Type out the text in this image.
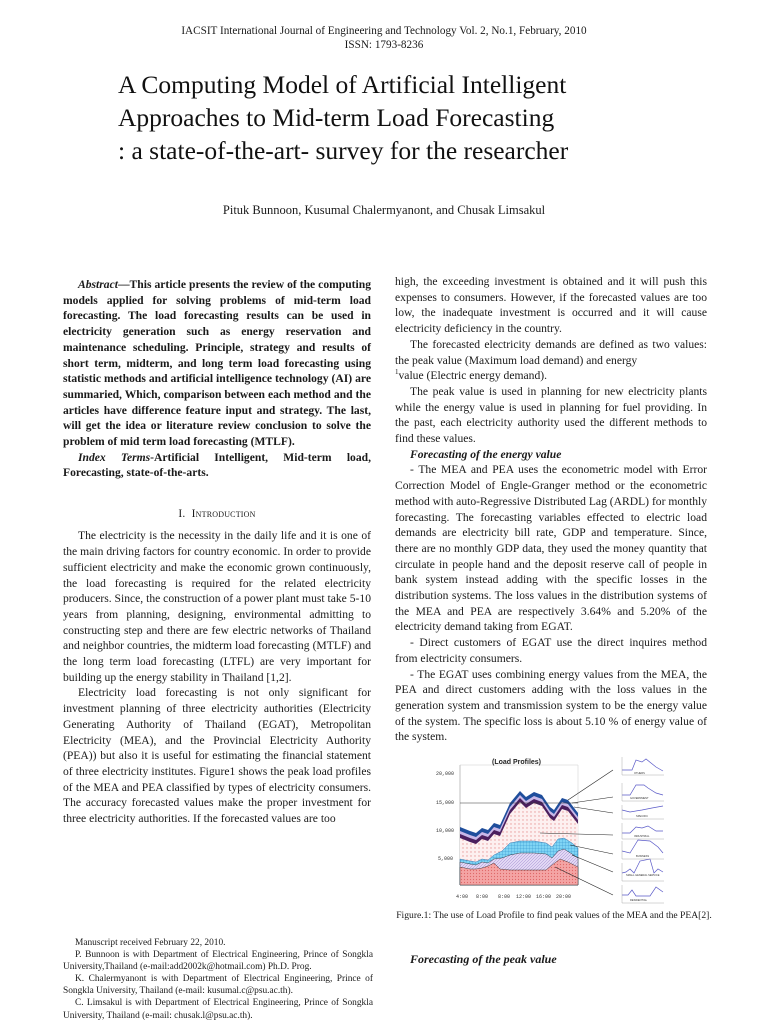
IACSIT International Journal of Engineering and Technology Vol. 2, No.1, February, 2010
ISSN: 1793-8236
A Computing Model of Artificial Intelligent
Approaches to Mid-term Load Forecasting
: a state-of-the-art- survey for the researcher
Pituk Bunnoon, Kusumal Chalermyanont, and Chusak Limsakul

Abstract—This article presents the review of the computing models applied for solving problems of mid-term load forecasting. The load forecasting results can be used in electricity generation such as energy reservation and maintenance scheduling. Principle, strategy and results of short term, midterm, and long term load forecasting using statistic methods and artificial intelligence technology (AI) are summaried, Which, comparison between each method and the articles have difference feature input and strategy. The last, will get the idea or literature review conclusion to solve the problem of mid term load forecasting (MTLF).

Index Terms-Artificial Intelligent, Mid-term load, Forecasting, state-of-the-arts.

I. Introduction

The electricity is the necessity in the daily life and it is one of the main driving factors for country economic. In order to provide sufficient electricity and make the economic grown continuously, the load forecasting is required for the related electricity producers. Since, the construction of a power plant must take 5-10 years from planning, designing, environmental admitting to constructing step and there are few electric networks of Thailand and neighbor countries, the midterm load forecasting (MTLF) and the long term load forecasting (LTFL) are very important for building up the energy stability in Thailand [1,2].

Electricity load forecasting is not only significant for investment planning of three electricity authorities (Electricity Generating Authority of Thailand (EGAT), Metropolitan Electricity (MEA), and the Provincial Electricity Authority (PEA)) but also it is useful for estimating the financial statement of three electricity institutes. Figure1 shows the peak load profiles of the MEA and PEA classified by types of electricity consumers. The accuracy forecasted values make the proper investment for three electricity authorities. If the forecasted values are too

high, the exceeding investment is obtained and it will push this expenses to consumers. However, if the forecasted values are too low, the inadequate investment is occurred and it will cause electricity deficiency in the country.

The forecasted electricity demands are defined as two values: the peak value (Maximum load demand) and energy
$^1$value (Electric energy demand).

The peak value is used in planning for new electricity plants while the energy value is used in planning for fuel providing. In the past, each electricity authority used the different methods to find these values.

Forecasting of the energy value

- The MEA and PEA uses the econometric model with Error Correction Model of Engle-Granger method or the econometric method with auto-Regressive Distributed Lag (ARDL) for monthly forecasting. The forecasting variables effected to electric load demands are electricity bill rate, GDP and temperature. Since, there are no monthly GDP data, they used the money quantity that circulate in people hand and the deposit reserve call of people in bank system instead adding with the specific losses in the distribution systems. The loss values in the distribution systems of the MEA and PEA are respectively 3.64% and 5.20% of the electricity demand taking from EGAT.

- Direct customers of EGAT use the direct inquires method from electricity consumers.

- The EGAT uses combining energy values from the MEA, the PEA and direct customers adding with the loss values in the generation system and transmission system to be the energy value of the system. The specific loss is about 5.10 % of energy value of the system.

(Load Profiles)
20,000
15,000
10,000
5,000
4:00 8:00 8:00 12:00 16:00 20:00
OTHERS
GOVERNMENT
SPECIFIC
INDUSTRIAL
BUSINESS
SMALL GENERAL SERVICE
RESIDENTIAL
Figure.1: The use of Load Profile to find peak values of the MEA and the PEA[2].
Forecasting of the peak value

Manuscript received February 22, 2010.

P. Bunnoon is with Department of Electrical Engineering, Prince of Songkla University,Thailand (e-mail:add2002k@hotmail.com) Ph.D. Prog.

K. Chalermyanont is with Department of Electrical Engineering, Prince of Songkla University, Thailand (e-mail: kusumal.c@psu.ac.th).

C. Limsakul is with Department of Electrical Engineering, Prince of Songkla University, Thailand (e-mail: chusak.l@psu.ac.th).
